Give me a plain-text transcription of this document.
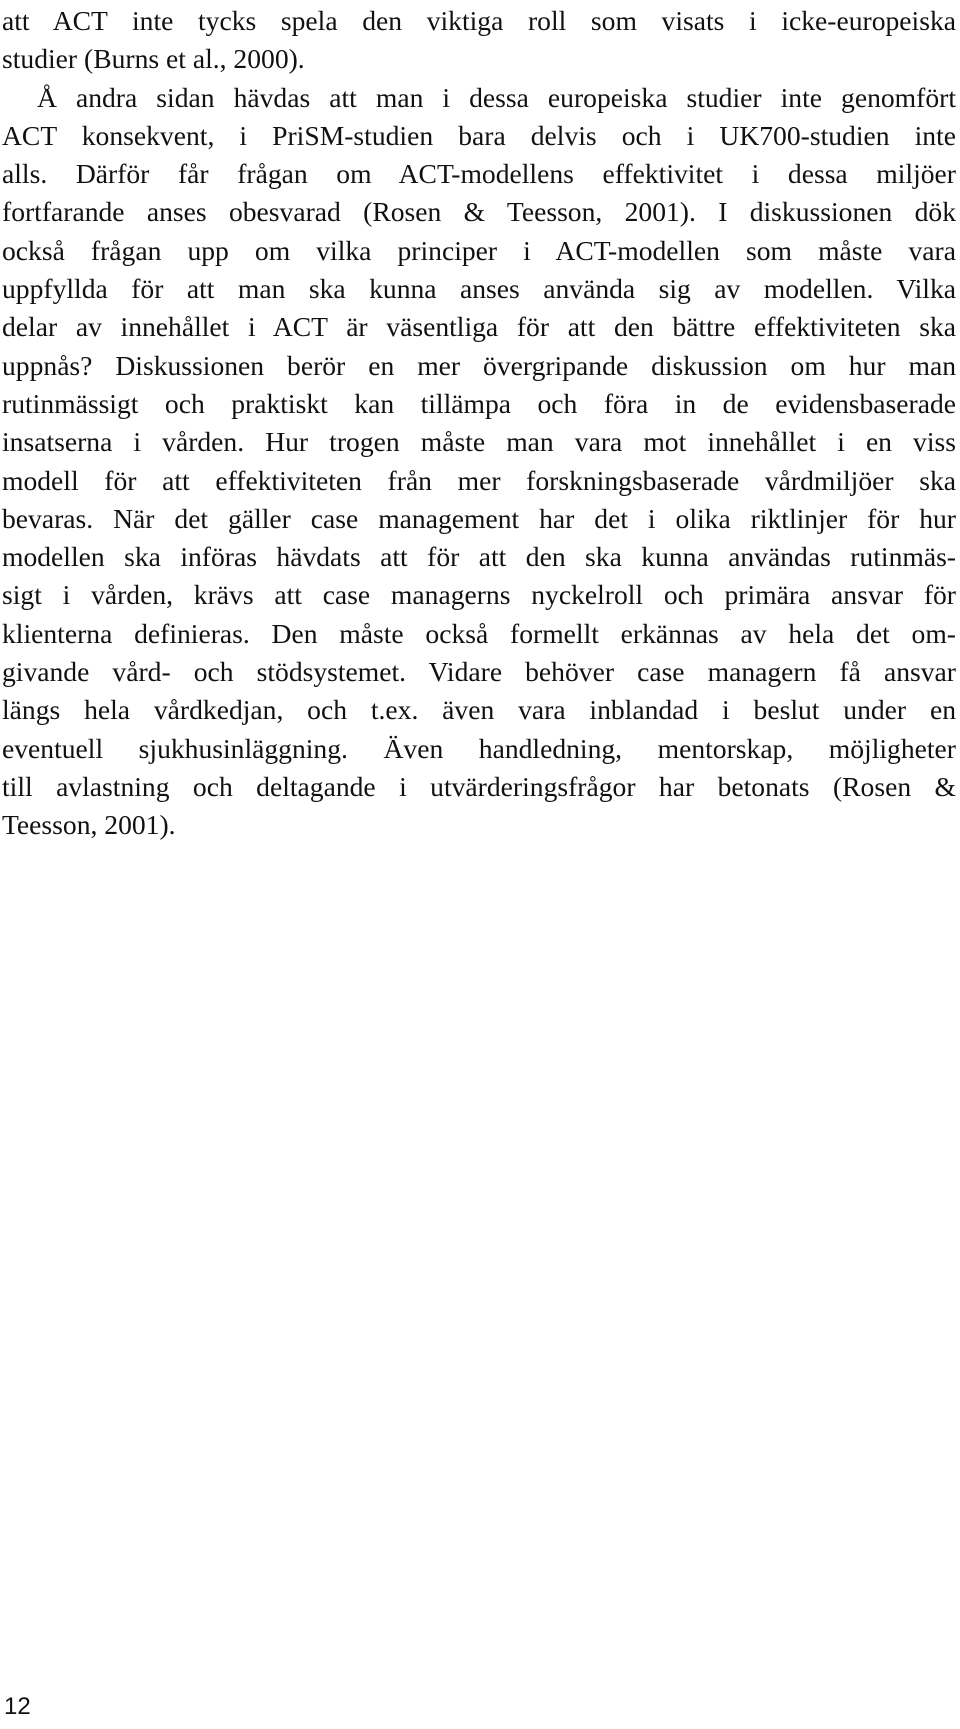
att ACT inte tycks spela den viktiga roll som visats i icke-europeiska
studier (Burns et al., 2000).
Å andra sidan hävdas att man i dessa europeiska studier inte genomfört
ACT konsekvent, i PriSM-studien bara delvis och i UK700-studien inte
alls. Därför får frågan om ACT-modellens effektivitet i dessa miljöer
fortfarande anses obesvarad (Rosen & Teesson, 2001). I diskussionen dök
också frågan upp om vilka principer i ACT-modellen som måste vara
uppfyllda för att man ska kunna anses använda sig av modellen. Vilka
delar av innehållet i ACT är väsentliga för att den bättre effektiviteten ska
uppnås? Diskussionen berör en mer övergripande diskussion om hur man
rutinmässigt och praktiskt kan tillämpa och föra in de evidensbaserade
insatserna i vården. Hur trogen måste man vara mot innehållet i en viss
modell för att effektiviteten från mer forskningsbaserade vårdmiljöer ska
bevaras. När det gäller case management har det i olika riktlinjer för hur
modellen ska införas hävdats att för att den ska kunna användas rutinmäs-
sigt i vården, krävs att case managerns nyckelroll och primära ansvar för
klienterna definieras. Den måste också formellt erkännas av hela det om-
givande vård- och stödsystemet. Vidare behöver case managern få ansvar
längs hela vårdkedjan, och t.ex. även vara inblandad i beslut under en
eventuell sjukhusinläggning. Även handledning, mentorskap, möjligheter
till avlastning och deltagande i utvärderingsfrågor har betonats (Rosen &
Teesson, 2001).
12
